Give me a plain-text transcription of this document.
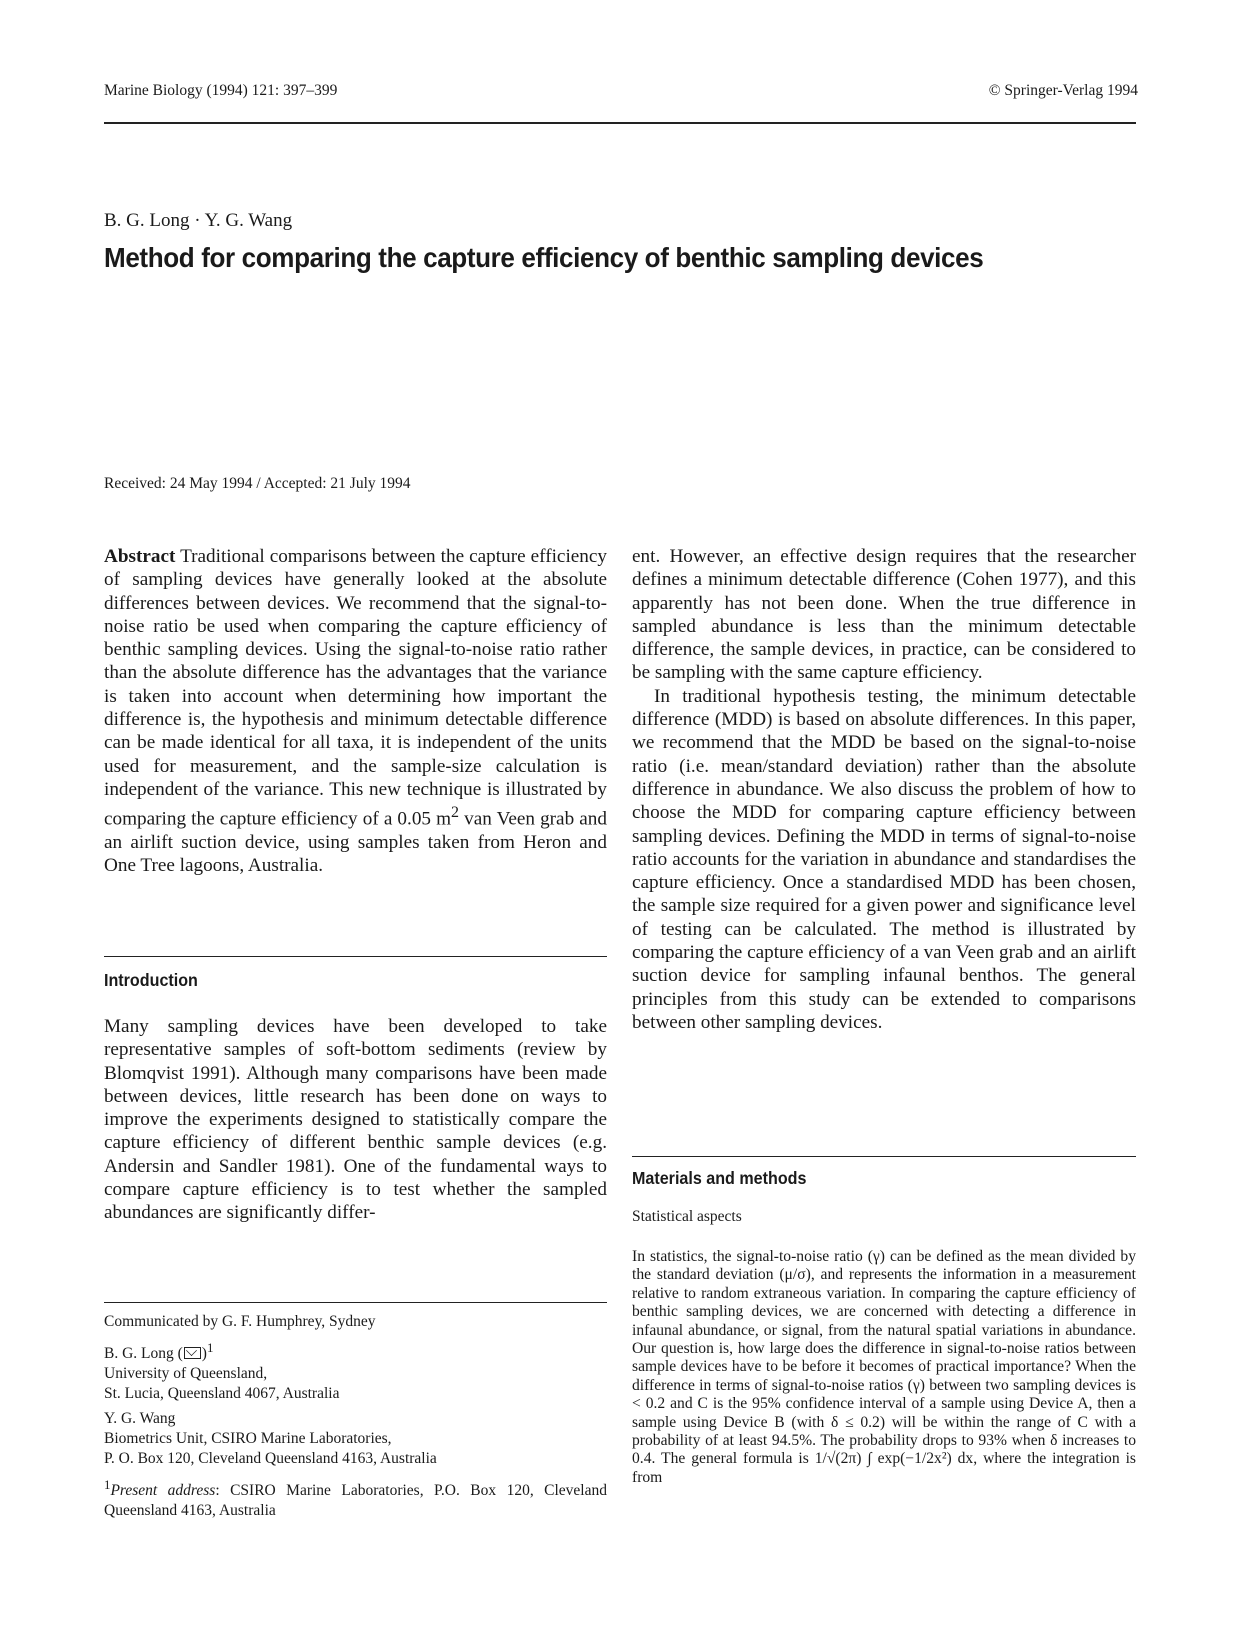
Marine Biology (1994) 121: 397–399	© Springer-Verlag 1994
B. G. Long · Y. G. Wang
Method for comparing the capture efficiency of benthic sampling devices
Received: 24 May 1994 / Accepted: 21 July 1994

Abstract Traditional comparisons between the capture efficiency of sampling devices have generally looked at the absolute differences between devices. We recommend that the signal-to-noise ratio be used when comparing the capture efficiency of benthic sampling devices. Using the signal-to-noise ratio rather than the absolute difference has the advantages that the variance is taken into account when determining how important the difference is, the hypothesis and minimum detectable difference can be made identical for all taxa, it is independent of the units used for measurement, and the sample-size calculation is independent of the variance. This new technique is illustrated by comparing the capture efficiency of a 0.05 $m^2$ van Veen grab and an airlift suction device, using samples taken from Heron and One Tree lagoons, Australia.

Introduction

Many sampling devices have been developed to take representative samples of soft-bottom sediments (review by Blomqvist 1991). Although many comparisons have been made between devices, little research has been done on ways to improve the experiments designed to statistically compare the capture efficiency of different benthic sample devices (e.g. Andersin and Sandler 1981). One of the fundamental ways to compare capture efficiency is to test whether the sampled abundances are significantly differ-

Communicated by G. F. Humphrey, Sydney
B. G. Long ( )$^1$
University of Queensland,
St. Lucia, Queensland 4067, Australia
Y. G. Wang
Biometrics Unit, CSIRO Marine Laboratories,
P. O. Box 120, Cleveland Queensland 4163, Australia
$^1$Present address: CSIRO Marine Laboratories, P.O. Box 120, Cleveland Queensland 4163, Australia

ent. However, an effective design requires that the researcher defines a minimum detectable difference (Cohen 1977), and this apparently has not been done. When the true difference in sampled abundance is less than the minimum detectable difference, the sample devices, in practice, can be considered to be sampling with the same capture efficiency.

In traditional hypothesis testing, the minimum detectable difference (MDD) is based on absolute differences. In this paper, we recommend that the MDD be based on the signal-to-noise ratio (i.e. mean/standard deviation) rather than the absolute difference in abundance. We also discuss the problem of how to choose the MDD for comparing capture efficiency between sampling devices. Defining the MDD in terms of signal-to-noise ratio accounts for the variation in abundance and standardises the capture efficiency. Once a standardised MDD has been chosen, the sample size required for a given power and significance level of testing can be calculated. The method is illustrated by comparing the capture efficiency of a van Veen grab and an airlift suction device for sampling infaunal benthos. The general principles from this study can be extended to comparisons between other sampling devices.

Materials and methods
Statistical aspects
In statistics, the signal-to-noise ratio (γ) can be defined as the mean divided by the standard deviation (μ/σ), and represents the information in a measurement relative to random extraneous variation. In comparing the capture efficiency of benthic sampling devices, we are concerned with detecting a difference in infaunal abundance, or signal, from the natural spatial variations in abundance. Our question is, how large does the difference in signal-to-noise ratios between sample devices have to be before it becomes of practical importance? When the difference in terms of signal-to-noise ratios (γ) between two sampling devices is < 0.2 and C is the 95% confidence interval of a sample using Device A, then a sample using Device B (with δ ≤ 0.2) will be within the range of C with a probability of at least 94.5%. The probability drops to 93% when δ increases to 0.4. The general formula is 1/√(2π) ∫ exp(−1/2x²) dx, where the integration is from
